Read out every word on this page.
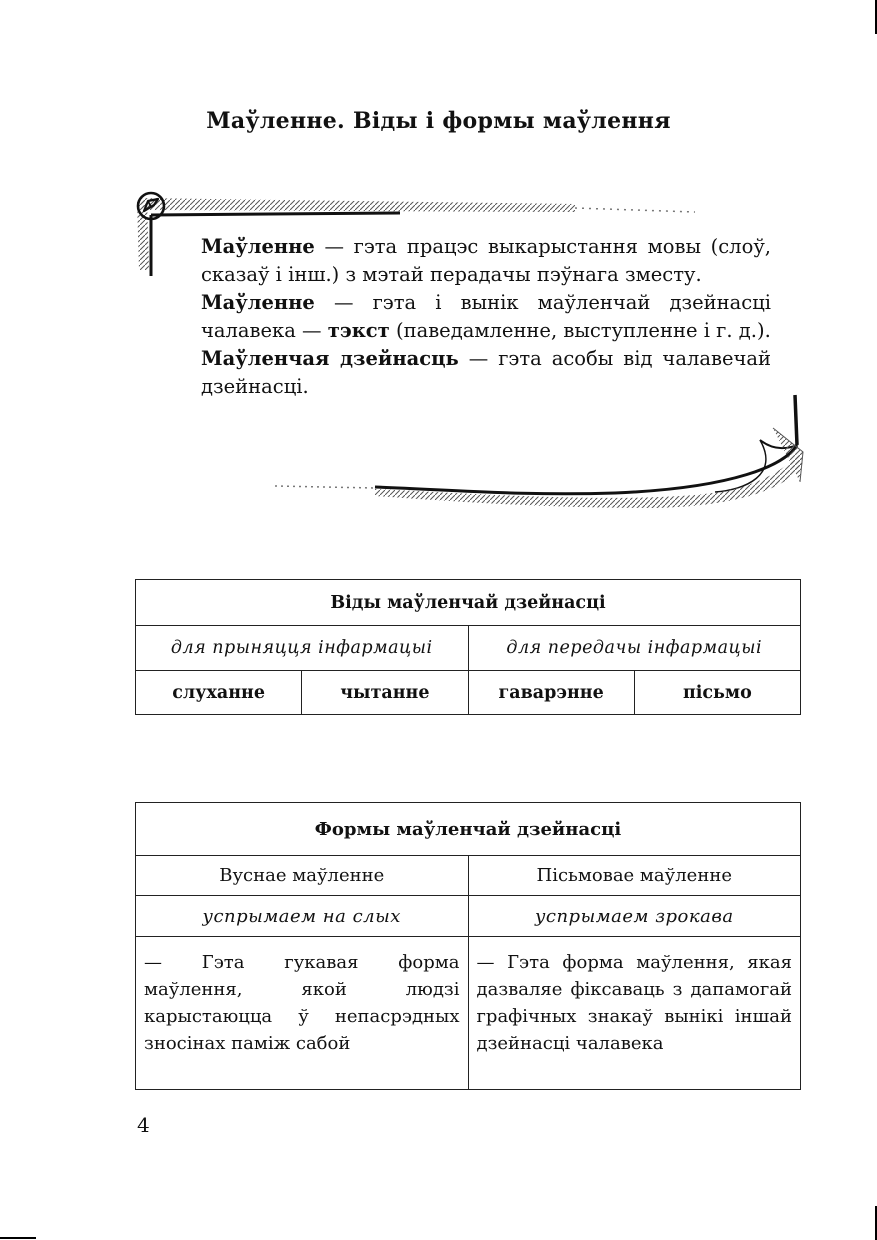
Маўленне. Віды і формы маўлення

Маўленне — гэта працэс выкарыстання мовы (слоў, сказаў і інш.) з мэтай перадачы пэўнага зместу.

Маўленне — гэта і вынік маўленчай дзейнасці чалавека — тэкст (паведамленне, выступленне і г. д.).

Маўленчая дзейнасць — гэта асобы від чалавечай дзейнасці.

Віды маўленчай дзейнасці			
для прыняцця інфармацыі		для передачы інфармацыі	
слуханне	чытанне	гаварэнне	пісьмо
Формы маўленчай дзейнасці	
Вуснае маўленне	Пісьмовае маўленне
успрымаем на слых	успрымаем зрокава
— Гэта гукавая форма маўлення, якой людзі карыстаюцца ў непасрэдных зносінах паміж сабой	— Гэта форма маўлення, якая дазваляе фіксаваць з дапамогай графічных знакаў вынікі іншай дзейнасці чалавека
4
